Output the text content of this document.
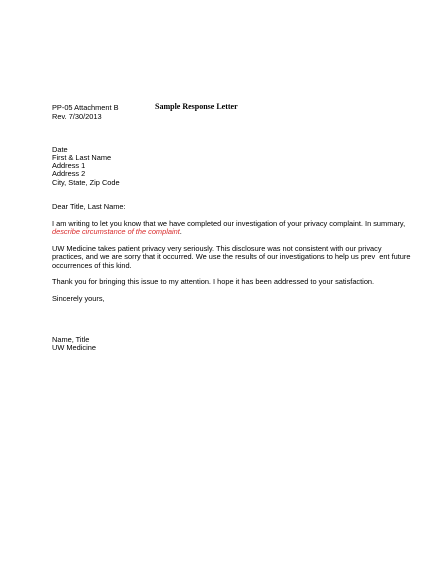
PP-05 Attachment B	Sample Response Letter
Rev. 7/30/2013
Date
First & Last Name
Address 1
Address 2
City, State, Zip Code
Dear Title, Last Name:
I am writing to let you know that we have completed our investigation of your privacy complaint. In summary,
describe circumstance of the complaint.
UW Medicine takes patient privacy very seriously. This disclosure was not consistent with our privacy
practices, and we are sorry that it occurred. We use the results of our investigations to help us prev  ent future
occurrences of this kind.
Thank you for bringing this issue to my attention. I hope it has been addressed to your satisfaction.
Sincerely yours,
Name, Title
UW Medicine
